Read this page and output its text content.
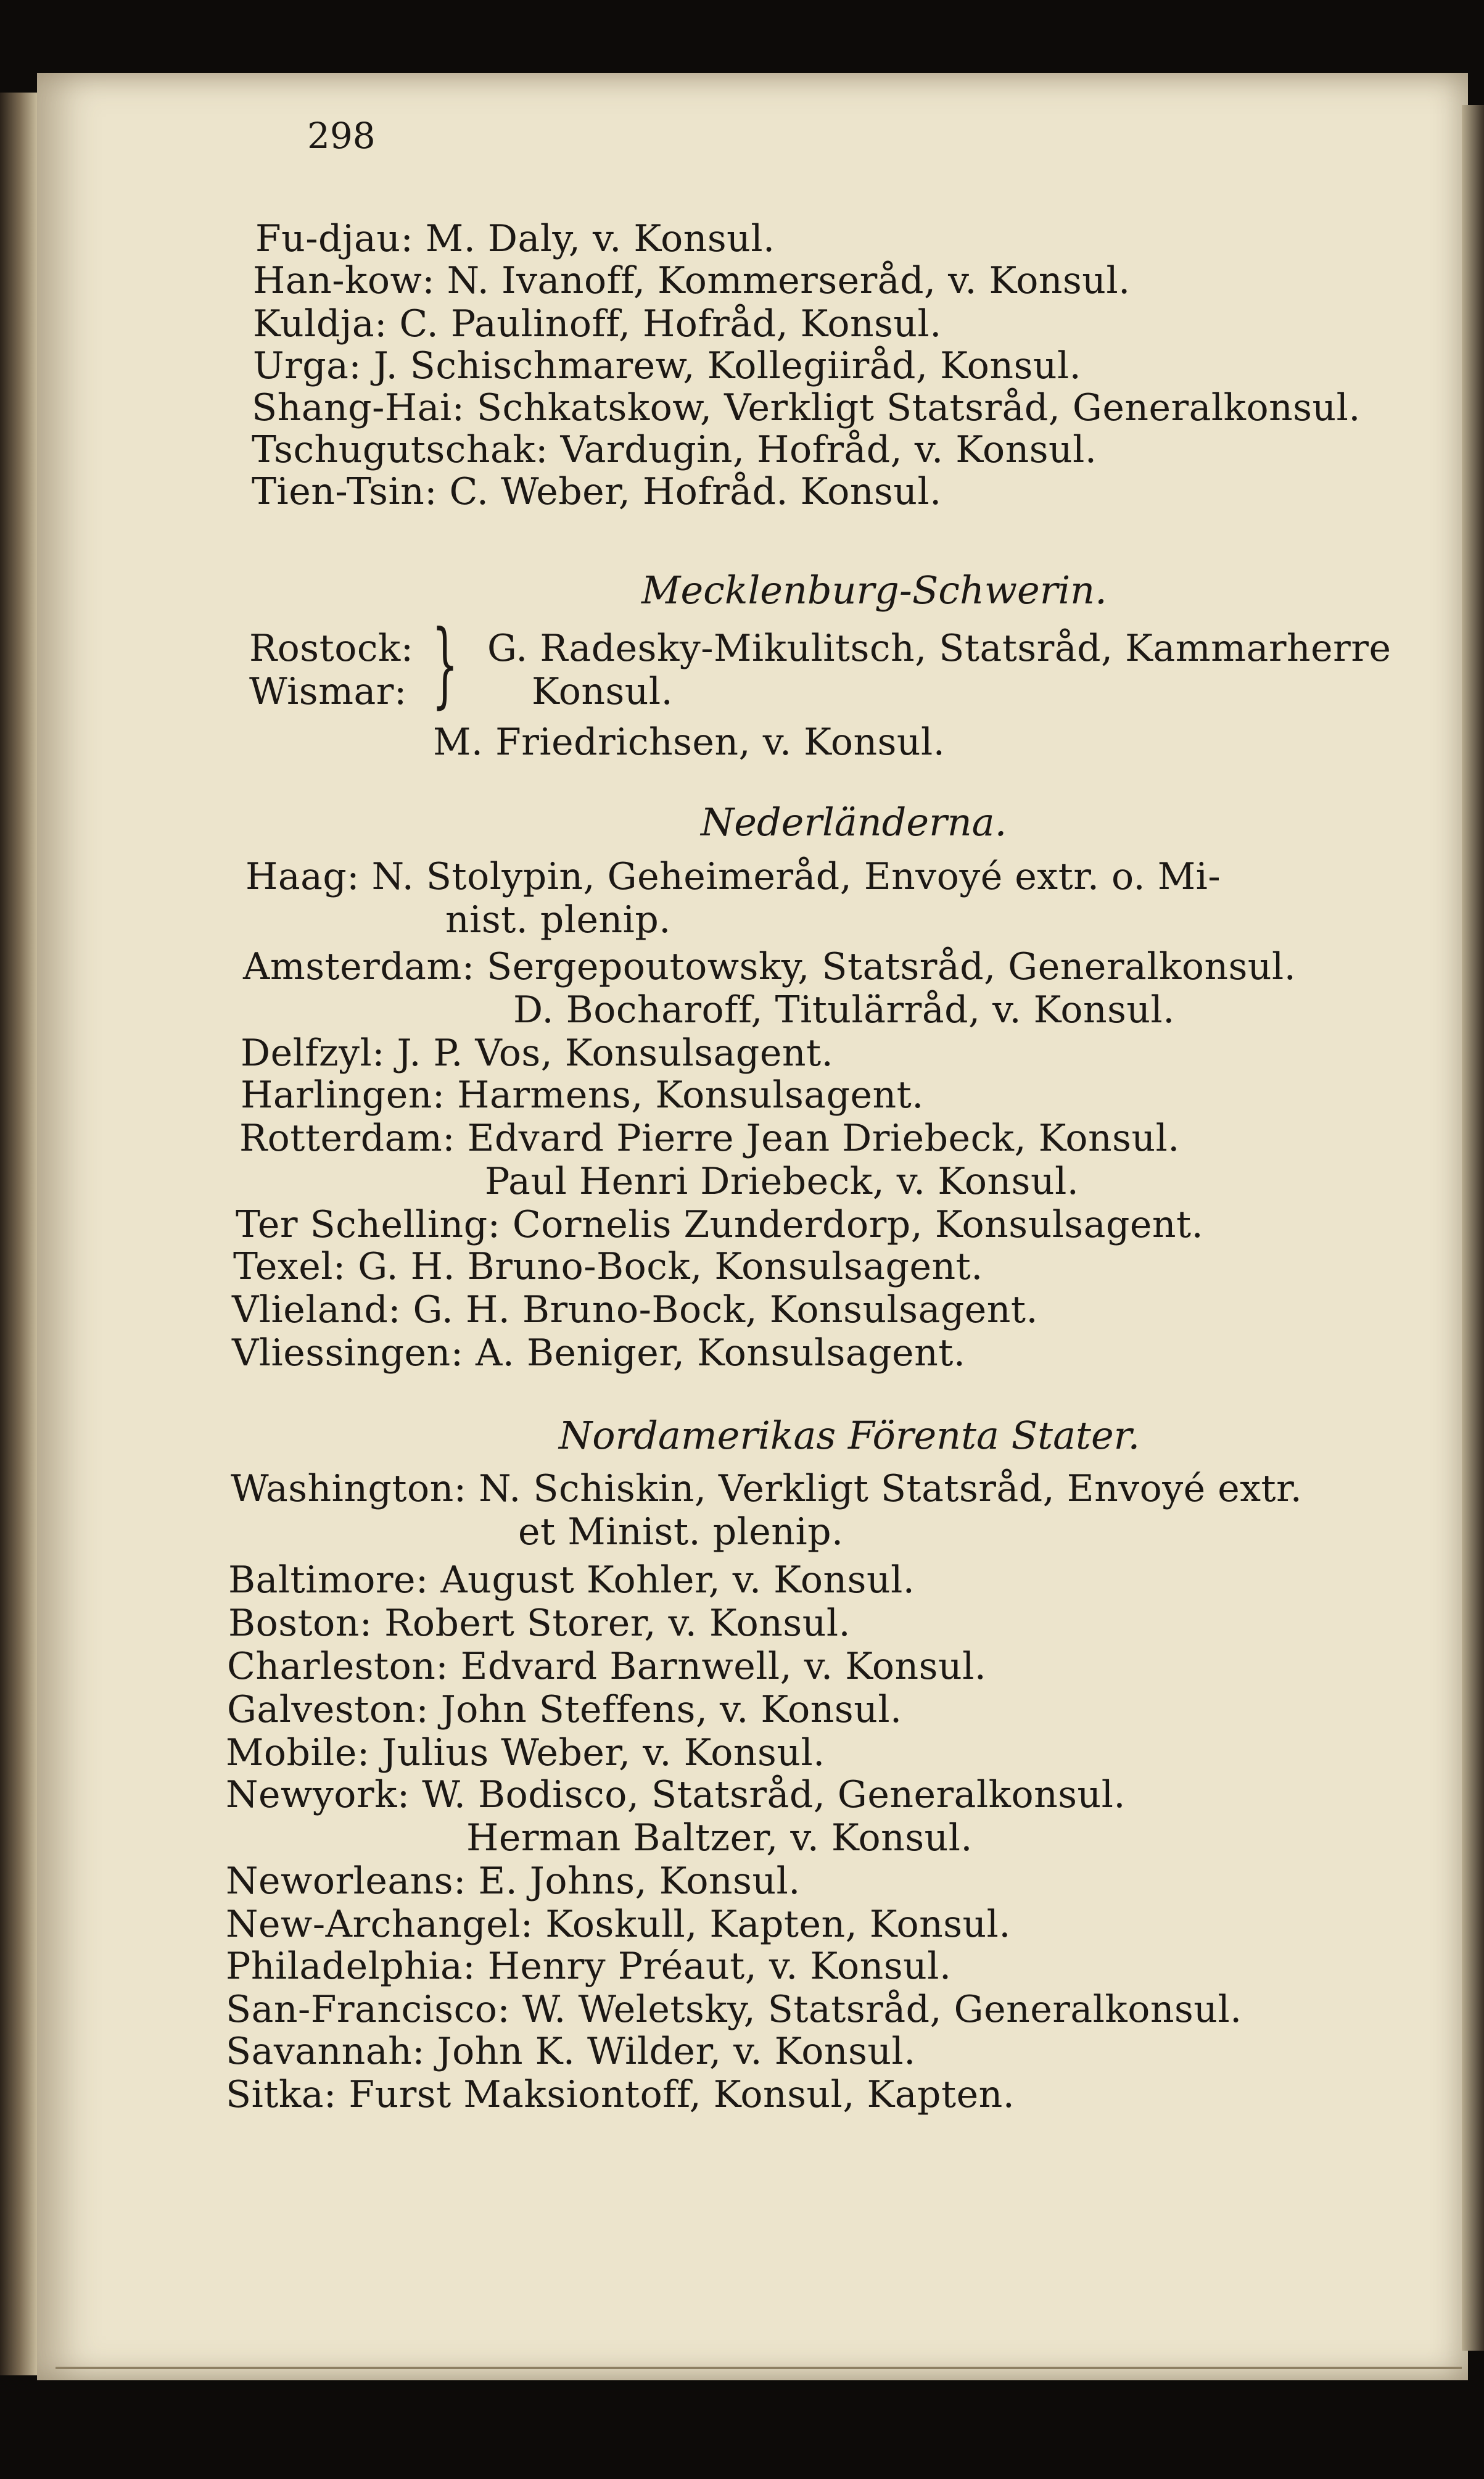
298
Fu-djau: M. Daly, v. Konsul.
Han-kow: N. Ivanoff, Kommerseråd, v. Konsul.
Kuldja: C. Paulinoff, Hofråd, Konsul.
Urga: J. Schischmarew, Kollegiiråd, Konsul.
Shang-Hai: Schkatskow, Verkligt Statsråd, Generalkonsul.
Tschugutschak: Vardugin, Hofråd, v. Konsul.
Tien-Tsin: C. Weber, Hofråd. Konsul.
Mecklenburg-Schwerin.
Rostock:
Wismar: } G. Radesky-Mikulitsch, Statsråd, Kammarherre
Konsul.
M. Friedrichsen, v. Konsul.
Nederländerna.
Haag: N. Stolypin, Geheimeråd, Envoyé extr. o. Mi-
nist. plenip.
Amsterdam: Sergepoutowsky, Statsråd, Generalkonsul.
D. Bocharoff, Titulärråd, v. Konsul.
Delfzyl: J. P. Vos, Konsulsagent.
Harlingen: Harmens, Konsulsagent.
Rotterdam: Edvard Pierre Jean Driebeck, Konsul.
Paul Henri Driebeck, v. Konsul.
Ter Schelling: Cornelis Zunderdorp, Konsulsagent.
Texel: G. H. Bruno-Bock, Konsulsagent.
Vlieland: G. H. Bruno-Bock, Konsulsagent.
Vliessingen: A. Beniger, Konsulsagent.
Nordamerikas Förenta Stater.
Washington: N. Schiskin, Verkligt Statsråd, Envoyé extr.
et Minist. plenip.
Baltimore: August Kohler, v. Konsul.
Boston: Robert Storer, v. Konsul.
Charleston: Edvard Barnwell, v. Konsul.
Galveston: John Steffens, v. Konsul.
Mobile: Julius Weber, v. Konsul.
Newyork: W. Bodisco, Statsråd, Generalkonsul.
Herman Baltzer, v. Konsul.
Neworleans: E. Johns, Konsul.
New-Archangel: Koskull, Kapten, Konsul.
Philadelphia: Henry Préaut, v. Konsul.
San-Francisco: W. Weletsky, Statsråd, Generalkonsul.
Savannah: John K. Wilder, v. Konsul.
Sitka: Furst Maksiontoff, Konsul, Kapten.
